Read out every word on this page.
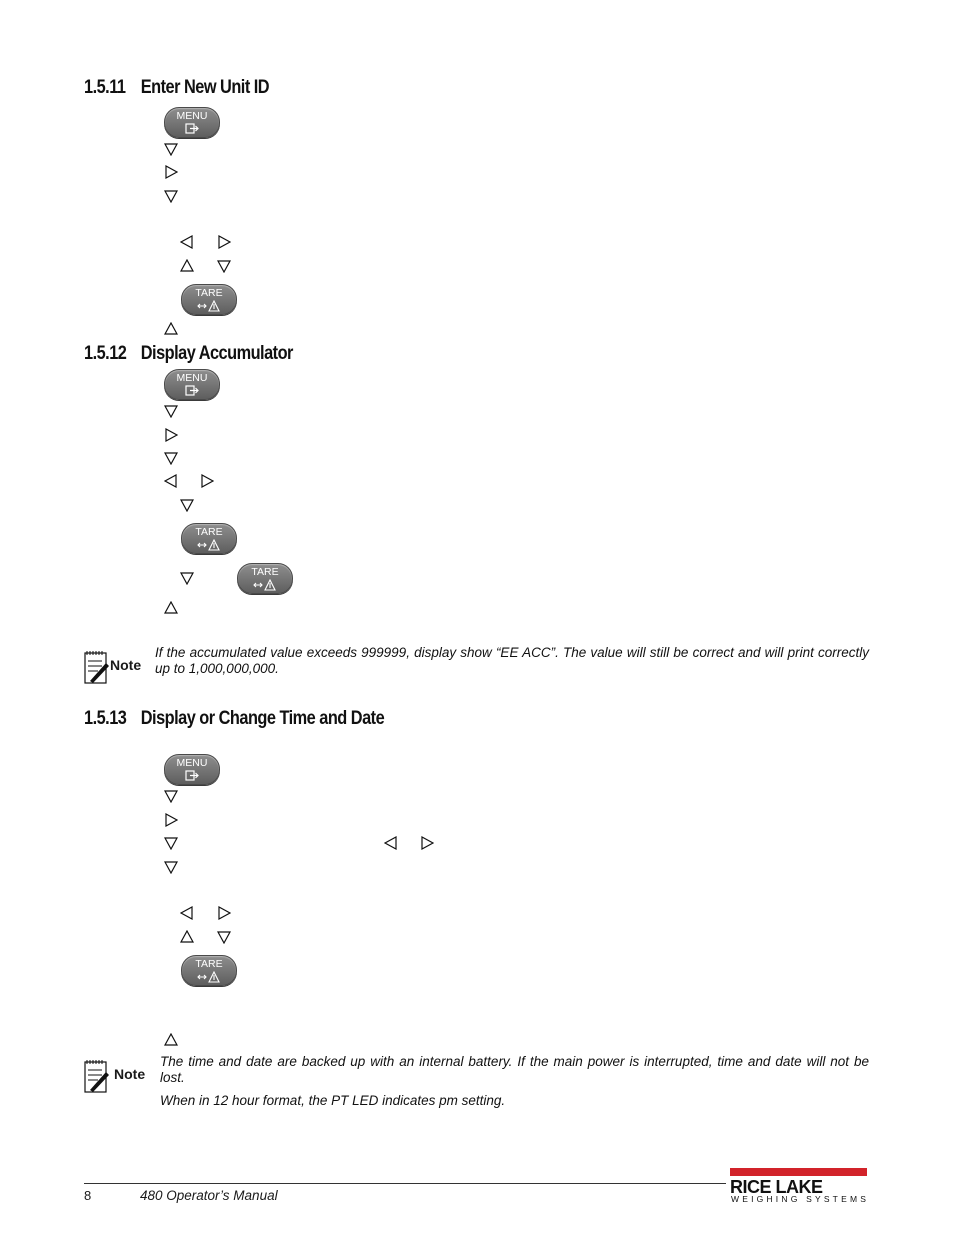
1.5.11 Enter New Unit ID
MENU
TARE
1.5.12 Display Accumulator
MENU
TARE
TARE
Note
If the accumulated value exceeds 999999, display show “EE ACC”. The value will still be correct and will print correctly up to 1,000,000,000.
1.5.13 Display or Change Time and Date
MENU
TARE
Note
The time and date are backed up with an internal battery. If the main power is interrupted, time and date will not be lost.
When in 12 hour format, the PT LED indicates pm setting.
8	480 Operator’s Manual	RICE LAKE
WEIGHING SYSTEMS
